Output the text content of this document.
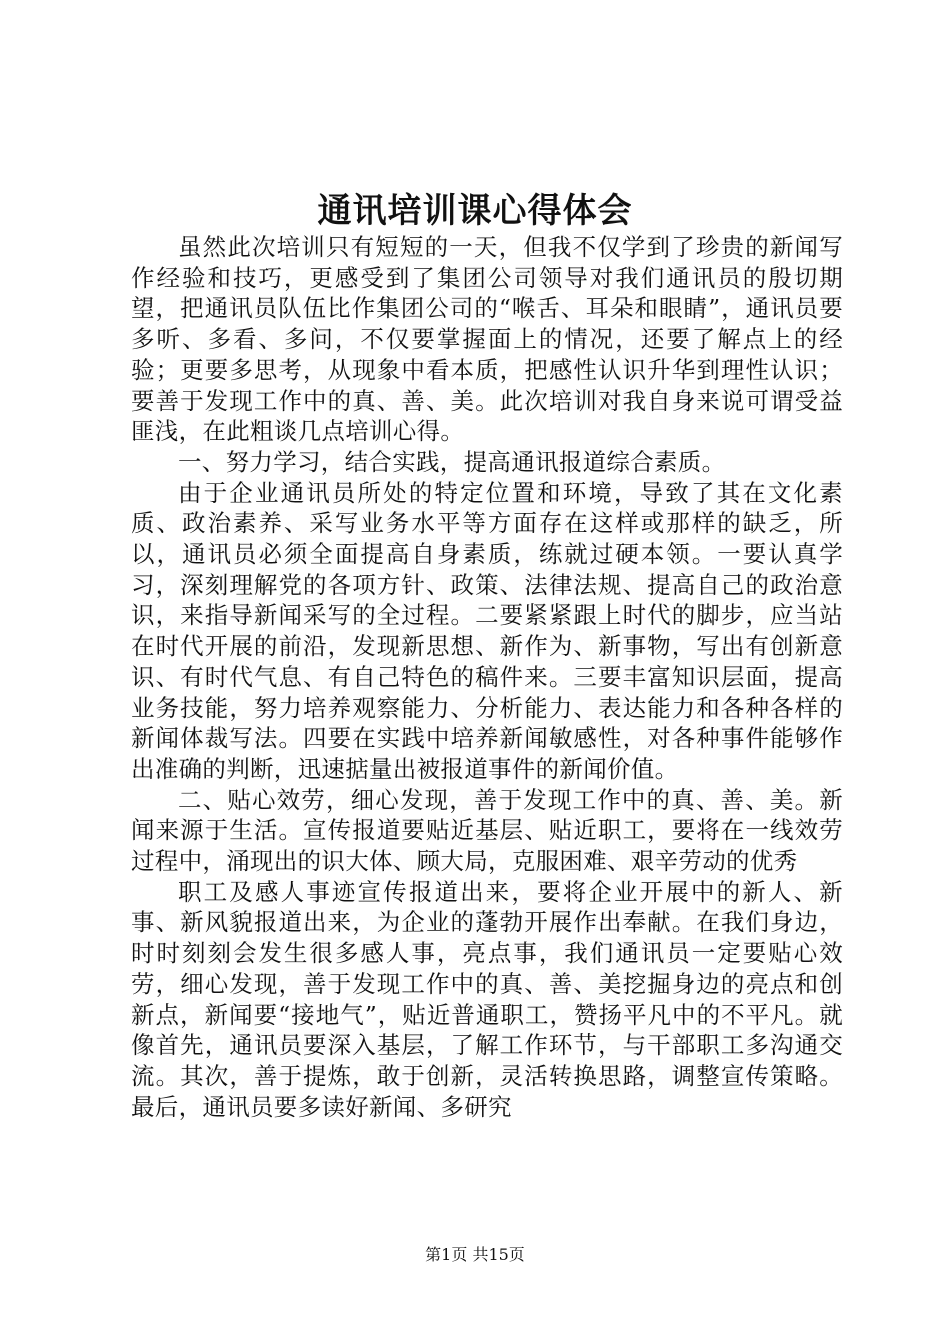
通讯培训课心得体会

虽然此次培训只有短短的一天，但我不仅学到了珍贵的新闻写作经验和技巧，更感受到了集团公司领导对我们通讯员的殷切期望，把通讯员队伍比作集团公司的“喉舌、耳朵和眼睛”，通讯员要多听、多看、多问，不仅要掌握面上的情况，还要了解点上的经验；更要多思考，从现象中看本质，把感性认识升华到理性认识；要善于发现工作中的真、善、美。此次培训对我自身来说可谓受益匪浅，在此粗谈几点培训心得。

一、努力学习，结合实践，提高通讯报道综合素质。

由于企业通讯员所处的特定位置和环境，导致了其在文化素质、政治素养、采写业务水平等方面存在这样或那样的缺乏，所以，通讯员必须全面提高自身素质，练就过硬本领。一要认真学习，深刻理解党的各项方针、政策、法律法规、提高自己的政治意识，来指导新闻采写的全过程。二要紧紧跟上时代的脚步，应当站在时代开展的前沿，发现新思想、新作为、新事物，写出有创新意识、有时代气息、有自己特色的稿件来。三要丰富知识层面，提高业务技能，努力培养观察能力、分析能力、表达能力和各种各样的新闻体裁写法。四要在实践中培养新闻敏感性，对各种事件能够作出准确的判断，迅速掂量出被报道事件的新闻价值。

二、贴心效劳，细心发现，善于发现工作中的真、善、美。新闻来源于生活。宣传报道要贴近基层、贴近职工，要将在一线效劳过程中，涌现出的识大体、顾大局，克服困难、艰辛劳动的优秀

职工及感人事迹宣传报道出来，要将企业开展中的新人、新事、新风貌报道出来，为企业的蓬勃开展作出奉献。在我们身边，时时刻刻会发生很多感人事，亮点事，我们通讯员一定要贴心效劳，细心发现，善于发现工作中的真、善、美挖掘身边的亮点和创新点，新闻要“接地气”，贴近普通职工，赞扬平凡中的不平凡。就像首先，通讯员要深入基层，了解工作环节，与干部职工多沟通交流。其次，善于提炼，敢于创新，灵活转换思路，调整宣传策略。最后，通讯员要多读好新闻、多研究

第1页 共15页
